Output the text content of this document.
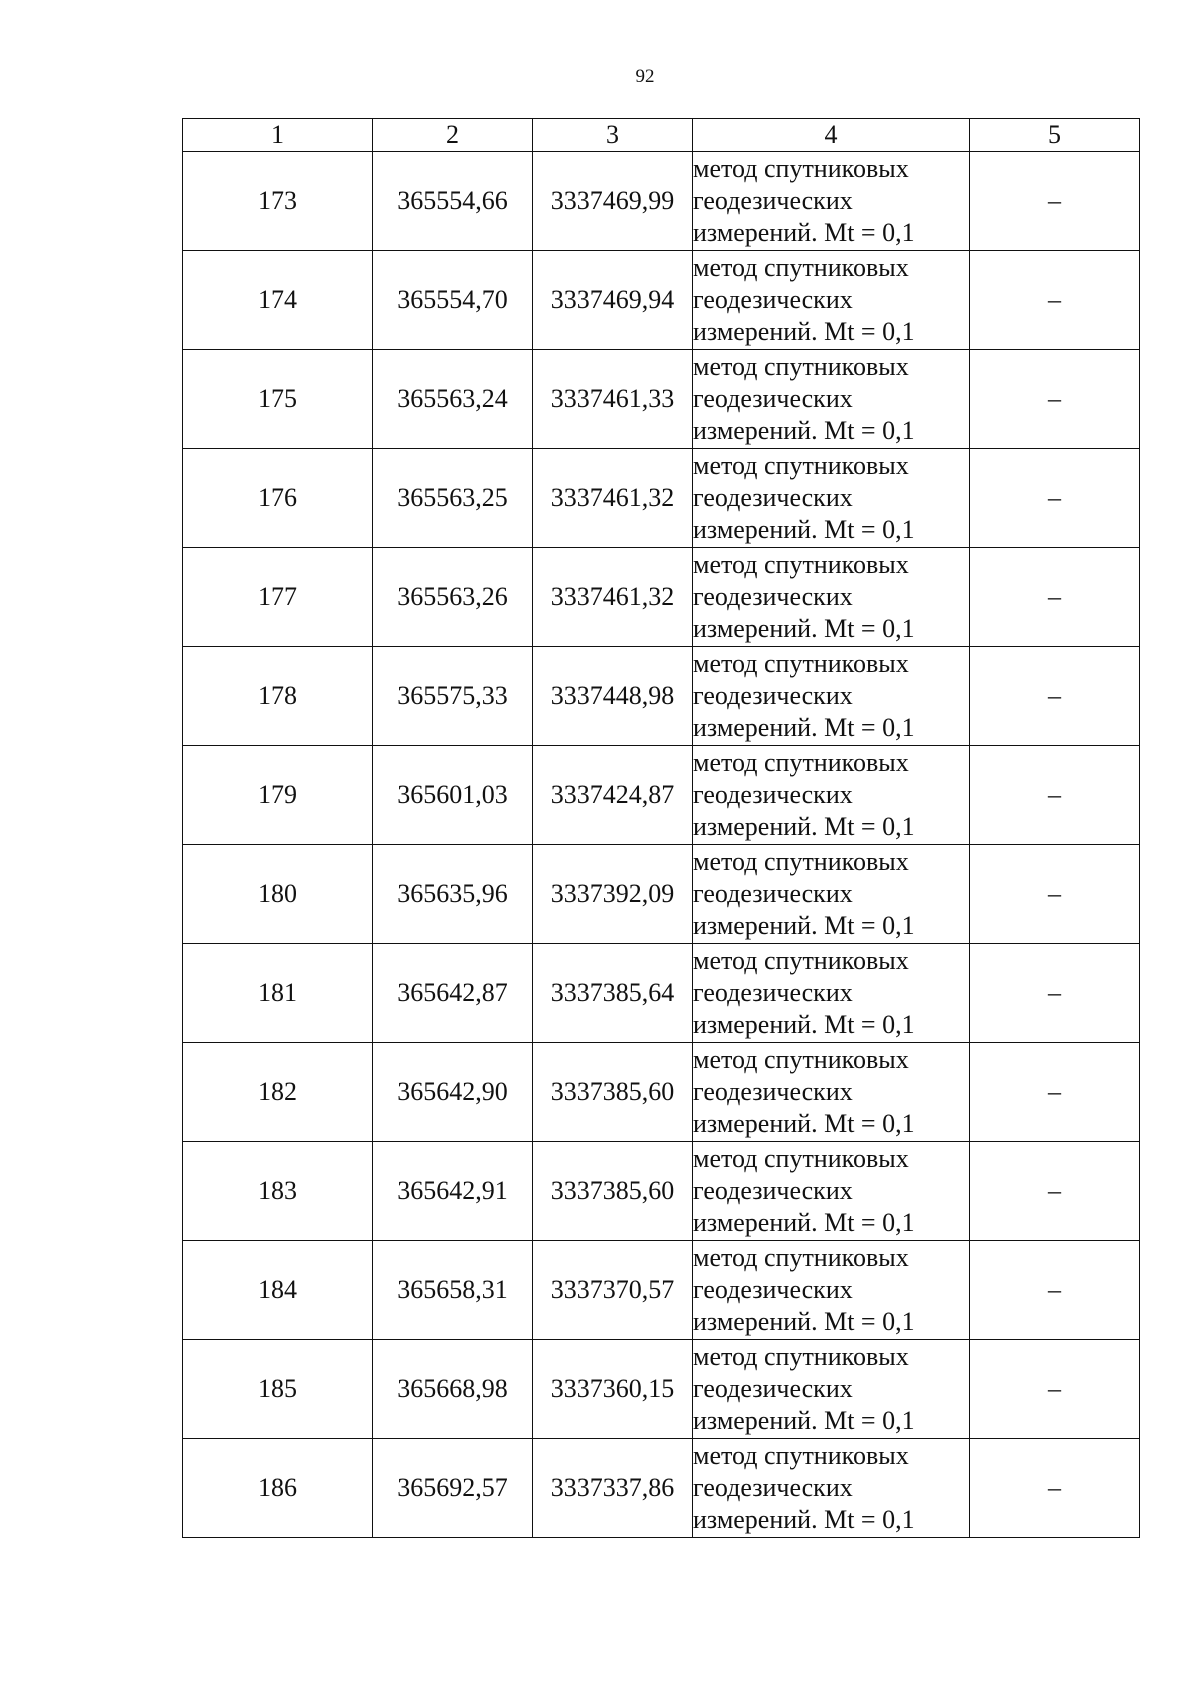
92
1	2	3	4	5
173	365554,66	3337469,99	метод спутниковых
геодезических
измерений. Mt = 0,1	–
174	365554,70	3337469,94	метод спутниковых
геодезических
измерений. Mt = 0,1	–
175	365563,24	3337461,33	метод спутниковых
геодезических
измерений. Mt = 0,1	–
176	365563,25	3337461,32	метод спутниковых
геодезических
измерений. Mt = 0,1	–
177	365563,26	3337461,32	метод спутниковых
геодезических
измерений. Mt = 0,1	–
178	365575,33	3337448,98	метод спутниковых
геодезических
измерений. Mt = 0,1	–
179	365601,03	3337424,87	метод спутниковых
геодезических
измерений. Mt = 0,1	–
180	365635,96	3337392,09	метод спутниковых
геодезических
измерений. Mt = 0,1	–
181	365642,87	3337385,64	метод спутниковых
геодезических
измерений. Mt = 0,1	–
182	365642,90	3337385,60	метод спутниковых
геодезических
измерений. Mt = 0,1	–
183	365642,91	3337385,60	метод спутниковых
геодезических
измерений. Mt = 0,1	–
184	365658,31	3337370,57	метод спутниковых
геодезических
измерений. Mt = 0,1	–
185	365668,98	3337360,15	метод спутниковых
геодезических
измерений. Mt = 0,1	–
186	365692,57	3337337,86	метод спутниковых
геодезических
измерений. Mt = 0,1	–
